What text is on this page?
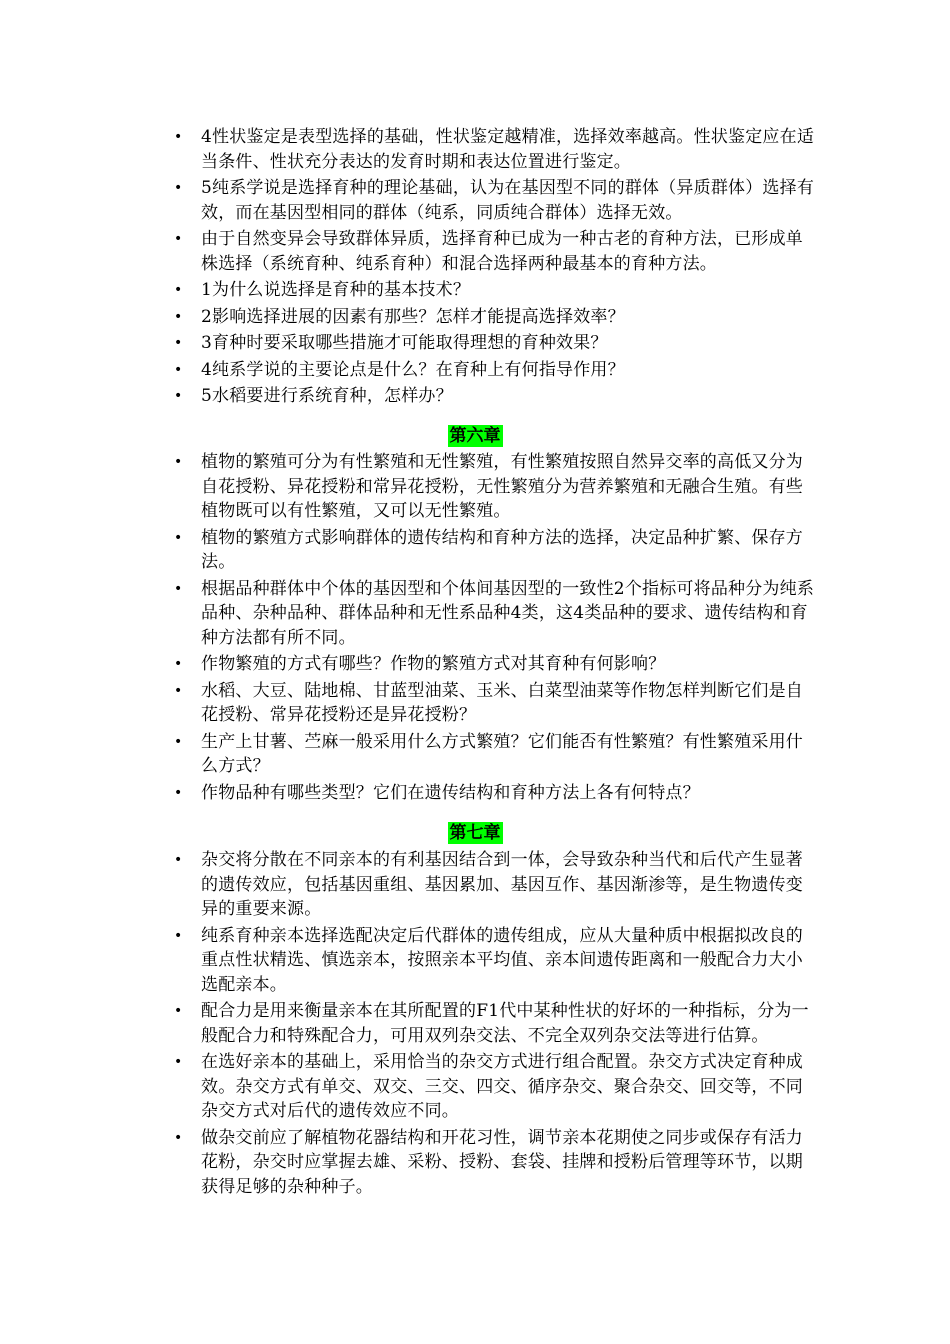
• 4性状鉴定是表型选择的基础，性状鉴定越精准，选择效率越高。性状鉴定应在适当条件、性状充分表达的发育时期和表达位置进行鉴定。
• 5纯系学说是选择育种的理论基础，认为在基因型不同的群体（异质群体）选择有效，而在基因型相同的群体（纯系，同质纯合群体）选择无效。
• 由于自然变异会导致群体异质，选择育种已成为一种古老的育种方法，已形成单株选择（系统育种、纯系育种）和混合选择两种最基本的育种方法。
• 1为什么说选择是育种的基本技术？
• 2影响选择进展的因素有那些？怎样才能提高选择效率？
• 3育种时要采取哪些措施才可能取得理想的育种效果？
• 4纯系学说的主要论点是什么？在育种上有何指导作用？
• 5水稻要进行系统育种，怎样办？
第六章
• 植物的繁殖可分为有性繁殖和无性繁殖，有性繁殖按照自然异交率的高低又分为自花授粉、异花授粉和常异花授粉，无性繁殖分为营养繁殖和无融合生殖。有些植物既可以有性繁殖，又可以无性繁殖。
• 植物的繁殖方式影响群体的遗传结构和育种方法的选择，决定品种扩繁、保存方法。
• 根据品种群体中个体的基因型和个体间基因型的一致性2个指标可将品种分为纯系品种、杂种品种、群体品种和无性系品种4类，这4类品种的要求、遗传结构和育种方法都有所不同。
• 作物繁殖的方式有哪些？作物的繁殖方式对其育种有何影响？
• 水稻、大豆、陆地棉、甘蓝型油菜、玉米、白菜型油菜等作物怎样判断它们是自花授粉、常异花授粉还是异花授粉？
• 生产上甘薯、苎麻一般采用什么方式繁殖？它们能否有性繁殖？有性繁殖采用什么方式？
• 作物品种有哪些类型？它们在遗传结构和育种方法上各有何特点？
第七章
• 杂交将分散在不同亲本的有利基因结合到一体，会导致杂种当代和后代产生显著的遗传效应，包括基因重组、基因累加、基因互作、基因渐渗等，是生物遗传变异的重要来源。
• 纯系育种亲本选择选配决定后代群体的遗传组成，应从大量种质中根据拟改良的重点性状精选、慎选亲本，按照亲本平均值、亲本间遗传距离和一般配合力大小选配亲本。
• 配合力是用来衡量亲本在其所配置的F1代中某种性状的好坏的一种指标，分为一般配合力和特殊配合力，可用双列杂交法、不完全双列杂交法等进行估算。
• 在选好亲本的基础上，采用恰当的杂交方式进行组合配置。杂交方式决定育种成效。杂交方式有单交、双交、三交、四交、循序杂交、聚合杂交、回交等，不同杂交方式对后代的遗传效应不同。
• 做杂交前应了解植物花器结构和开花习性，调节亲本花期使之同步或保存有活力花粉，杂交时应掌握去雄、采粉、授粉、套袋、挂牌和授粉后管理等环节，以期获得足够的杂种种子。
